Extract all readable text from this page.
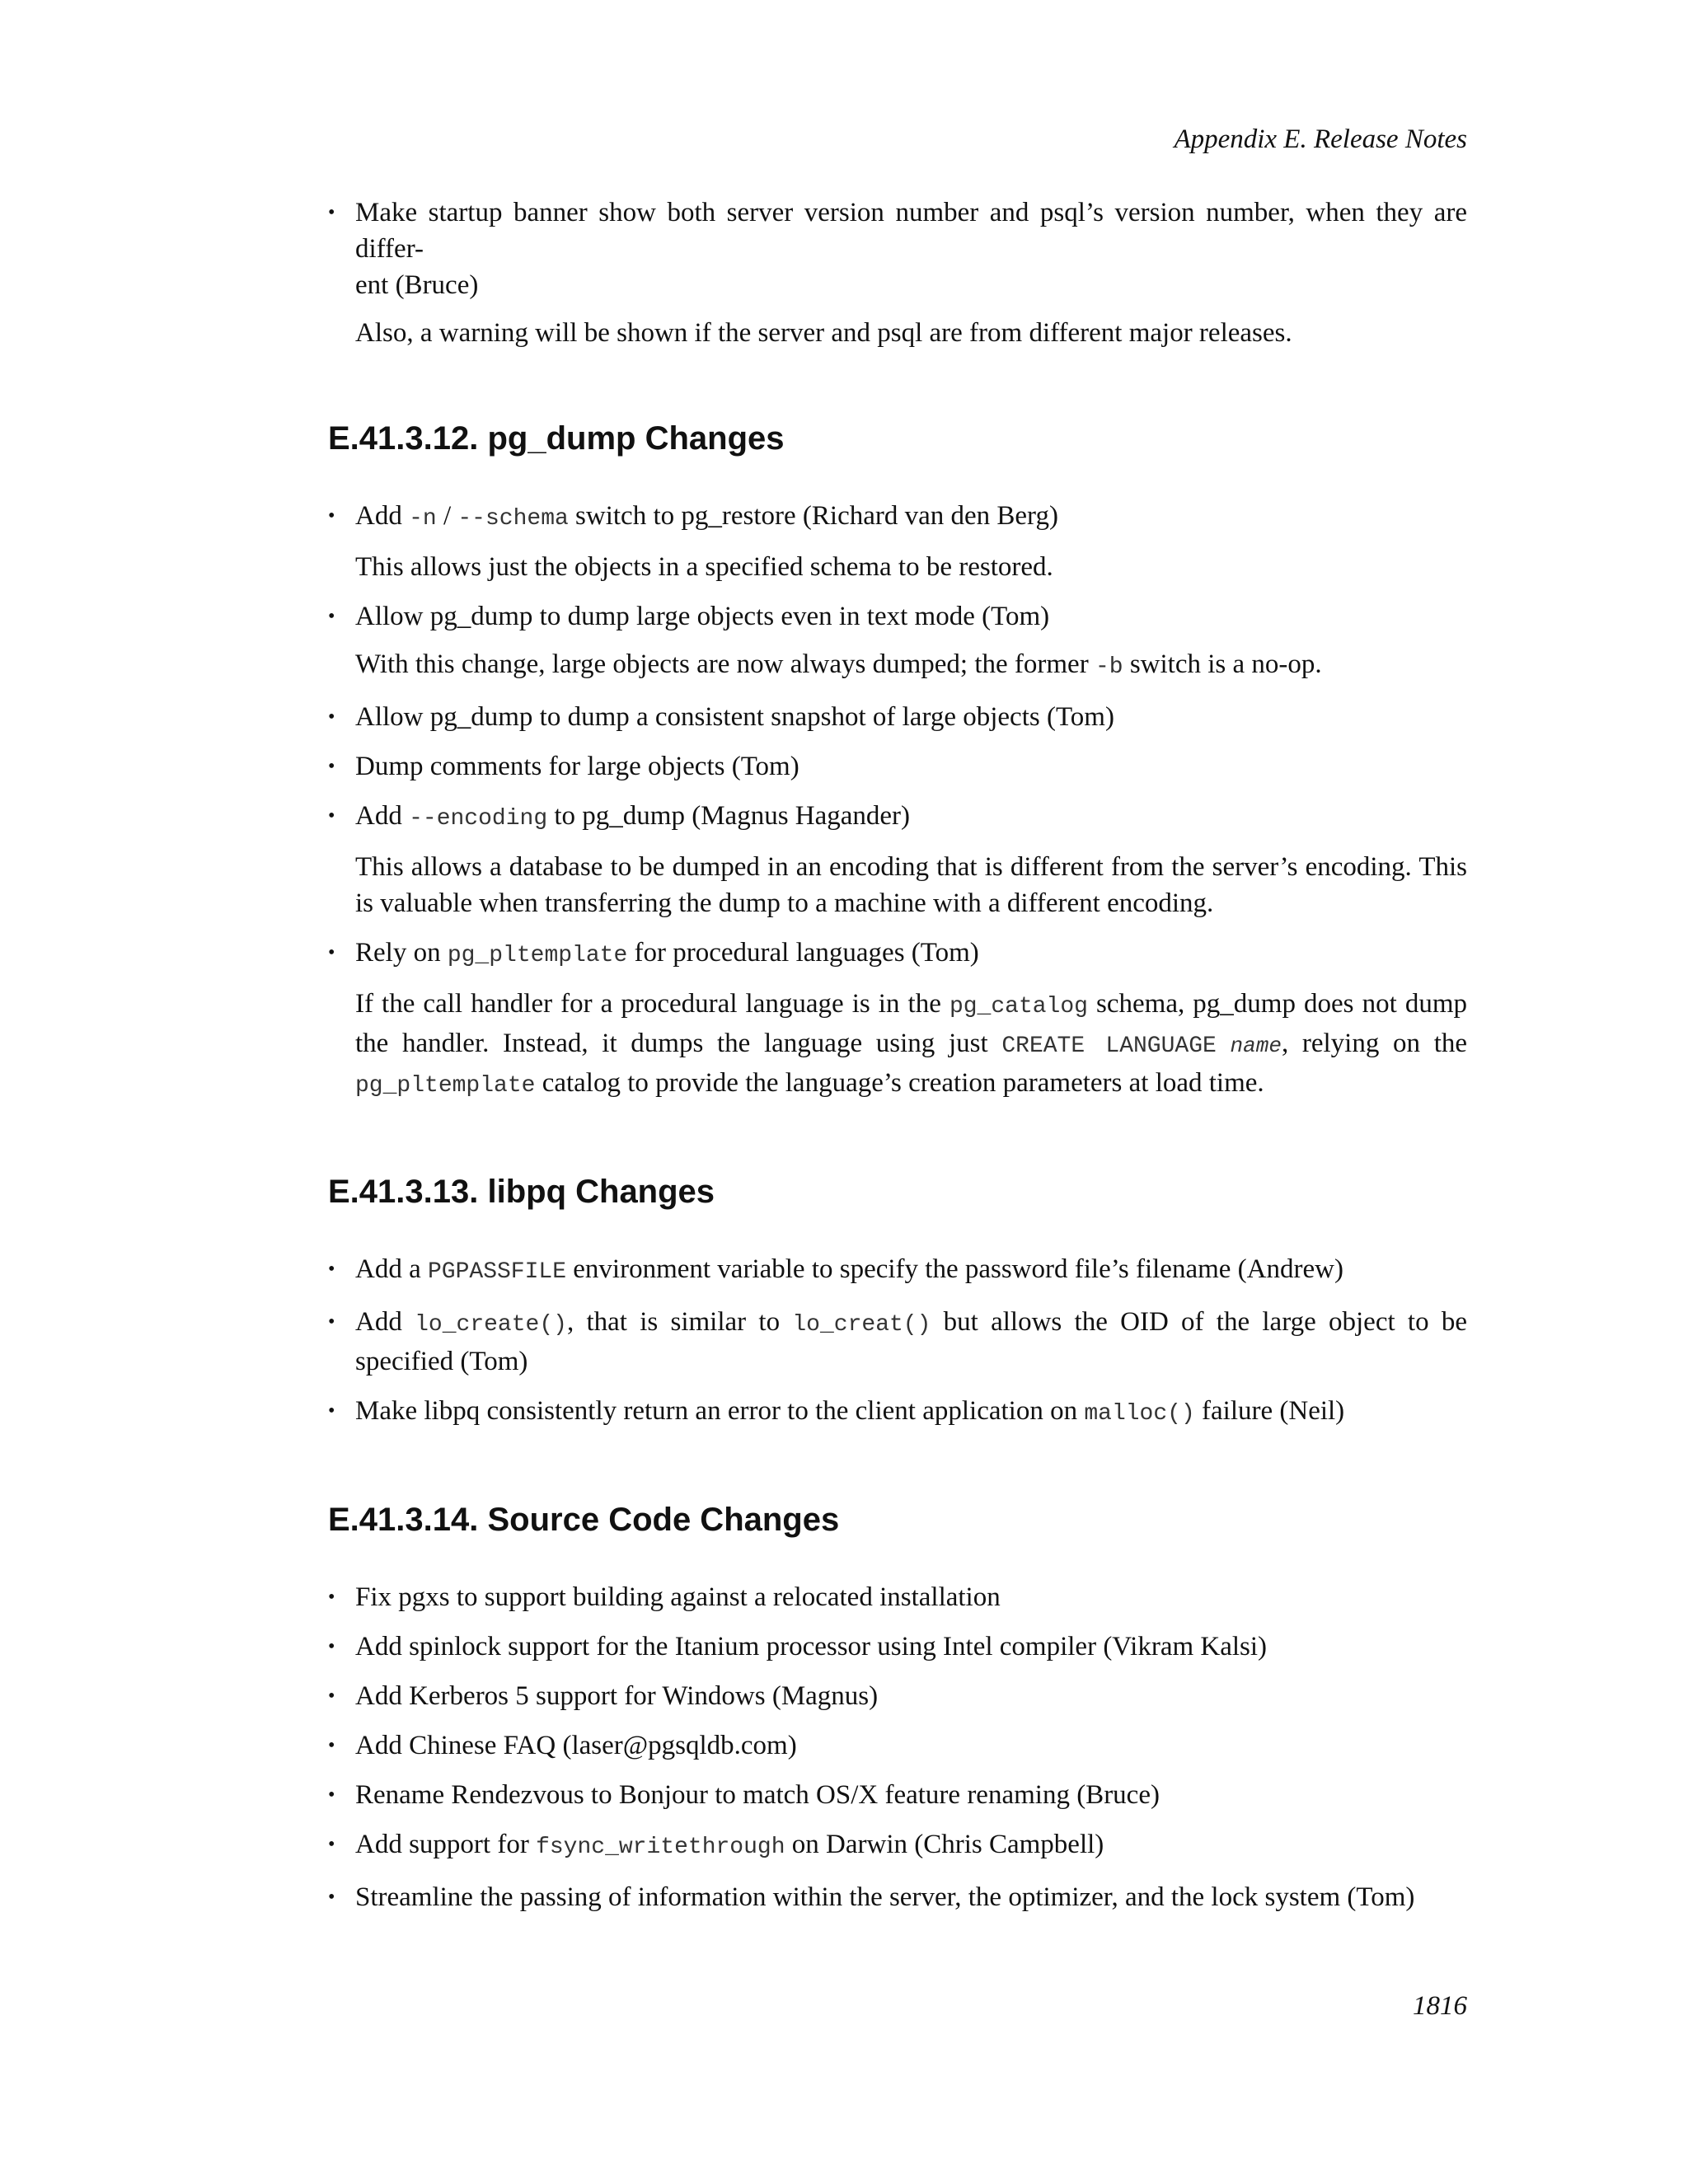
Appendix E. Release Notes
• Make startup banner show both server version number and psql’s version number, when they are differ-
ent (Bruce)

Also, a warning will be shown if the server and psql are from different major releases.

E.41.3.12. pg_dump Changes
• Add -n / --schema switch to pg_restore (Richard van den Berg)

This allows just the objects in a specified schema to be restored.

• Allow pg_dump to dump large objects even in text mode (Tom)

With this change, large objects are now always dumped; the former -b switch is a no-op.

• Allow pg_dump to dump a consistent snapshot of large objects (Tom)
• Dump comments for large objects (Tom)
• Add --encoding to pg_dump (Magnus Hagander)

This allows a database to be dumped in an encoding that is different from the server’s encoding. This is valuable when transferring the dump to a machine with a different encoding.

• Rely on pg_pltemplate for procedural languages (Tom)

If the call handler for a procedural language is in the pg_catalog schema, pg_dump does not dump the handler. Instead, it dumps the language using just CREATE LANGUAGE name, relying on the pg_pltemplate catalog to provide the language’s creation parameters at load time.

E.41.3.13. libpq Changes
• Add a PGPASSFILE environment variable to specify the password file’s filename (Andrew)
• Add lo_create(), that is similar to lo_creat() but allows the OID of the large object to be specified (Tom)
• Make libpq consistently return an error to the client application on malloc() failure (Neil)
E.41.3.14. Source Code Changes
• Fix pgxs to support building against a relocated installation
• Add spinlock support for the Itanium processor using Intel compiler (Vikram Kalsi)
• Add Kerberos 5 support for Windows (Magnus)
• Add Chinese FAQ (laser@pgsqldb.com)
• Rename Rendezvous to Bonjour to match OS/X feature renaming (Bruce)
• Add support for fsync_writethrough on Darwin (Chris Campbell)
• Streamline the passing of information within the server, the optimizer, and the lock system (Tom)
1816
